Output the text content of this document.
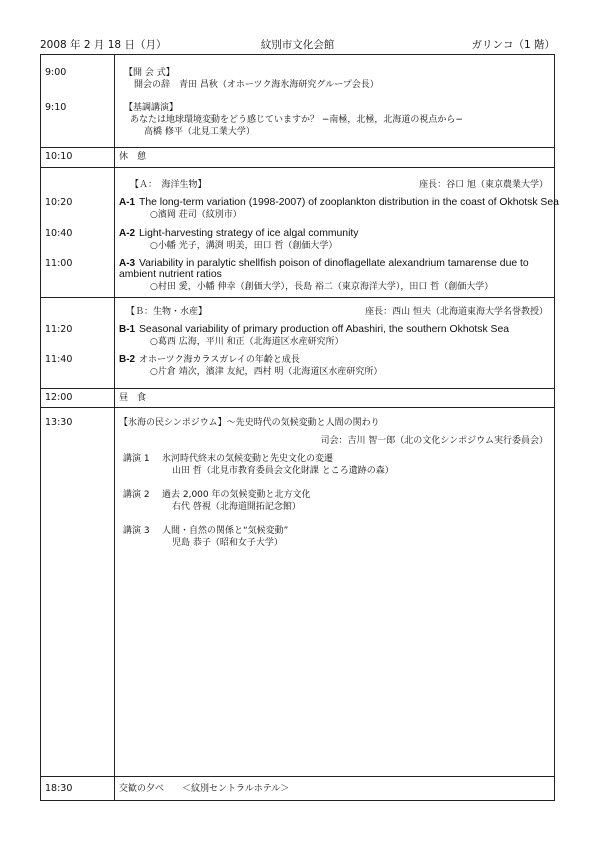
2008 年 2 月 18 日（月）	紋別市文化会館	ガリンコ（1 階）
9:00	【開 会 式】
開会の辞　青田 昌秋（オホーツク海氷海研究グループ会長）
9:10	【基調講演】
あなたは地球環境変動をどう感じていますか？ −南極，北極，北海道の視点から−
高橋 修平（北見工業大学）
10:10	休　憩
【Ａ：　海洋生物】	座長：谷口 旭（東京農業大学）
10:20	A-1 The long-term variation (1998-2007) of zooplankton distribution in the coast of Okhotsk Sea
○濱岡 荘司（紋別市）
10:40	A-2 Light-harvesting strategy of ice algal community
○小幡 光子，溝渕 明美，田口 哲（創価大学）
11:00	A-3 Variability in paralytic shellfish poison of dinoflagellate alexandrium tamarense due to
ambient nutrient ratios
○村田 愛，小幡 伸幸（創価大学），長島 裕二（東京海洋大学），田口 哲（創価大学）
【Ｂ：生物・水産】	座長：西山 恒夫（北海道東海大学名誉教授）
11:20	B-1 Seasonal variability of primary production off Abashiri, the southern Okhotsk Sea
○葛西 広海，平川 和正（北海道区水産研究所）
11:40	B-2 オホーツク海カラスガレイの年齢と成長
○片倉 靖次，濱津 友紀，西村 明（北海道区水産研究所）
12:00	昼　食
13:30	【氷海の民シンポジウム】〜先史時代の気候変動と人間の関わり
司会：吉川 智一郎（北の文化シンポジウム実行委員会）
講演 1 氷河時代終末の気候変動と先史文化の変遷
山田 哲（北見市教育委員会文化財課 ところ遺跡の森）
講演 2 過去 2,000 年の気候変動と北方文化
右代 啓視（北海道開拓記念館）
講演 3 人間・自然の関係と“気候変動”
児島 恭子（昭和女子大学）
18:30	交歓の夕べ　　＜紋別セントラルホテル＞
